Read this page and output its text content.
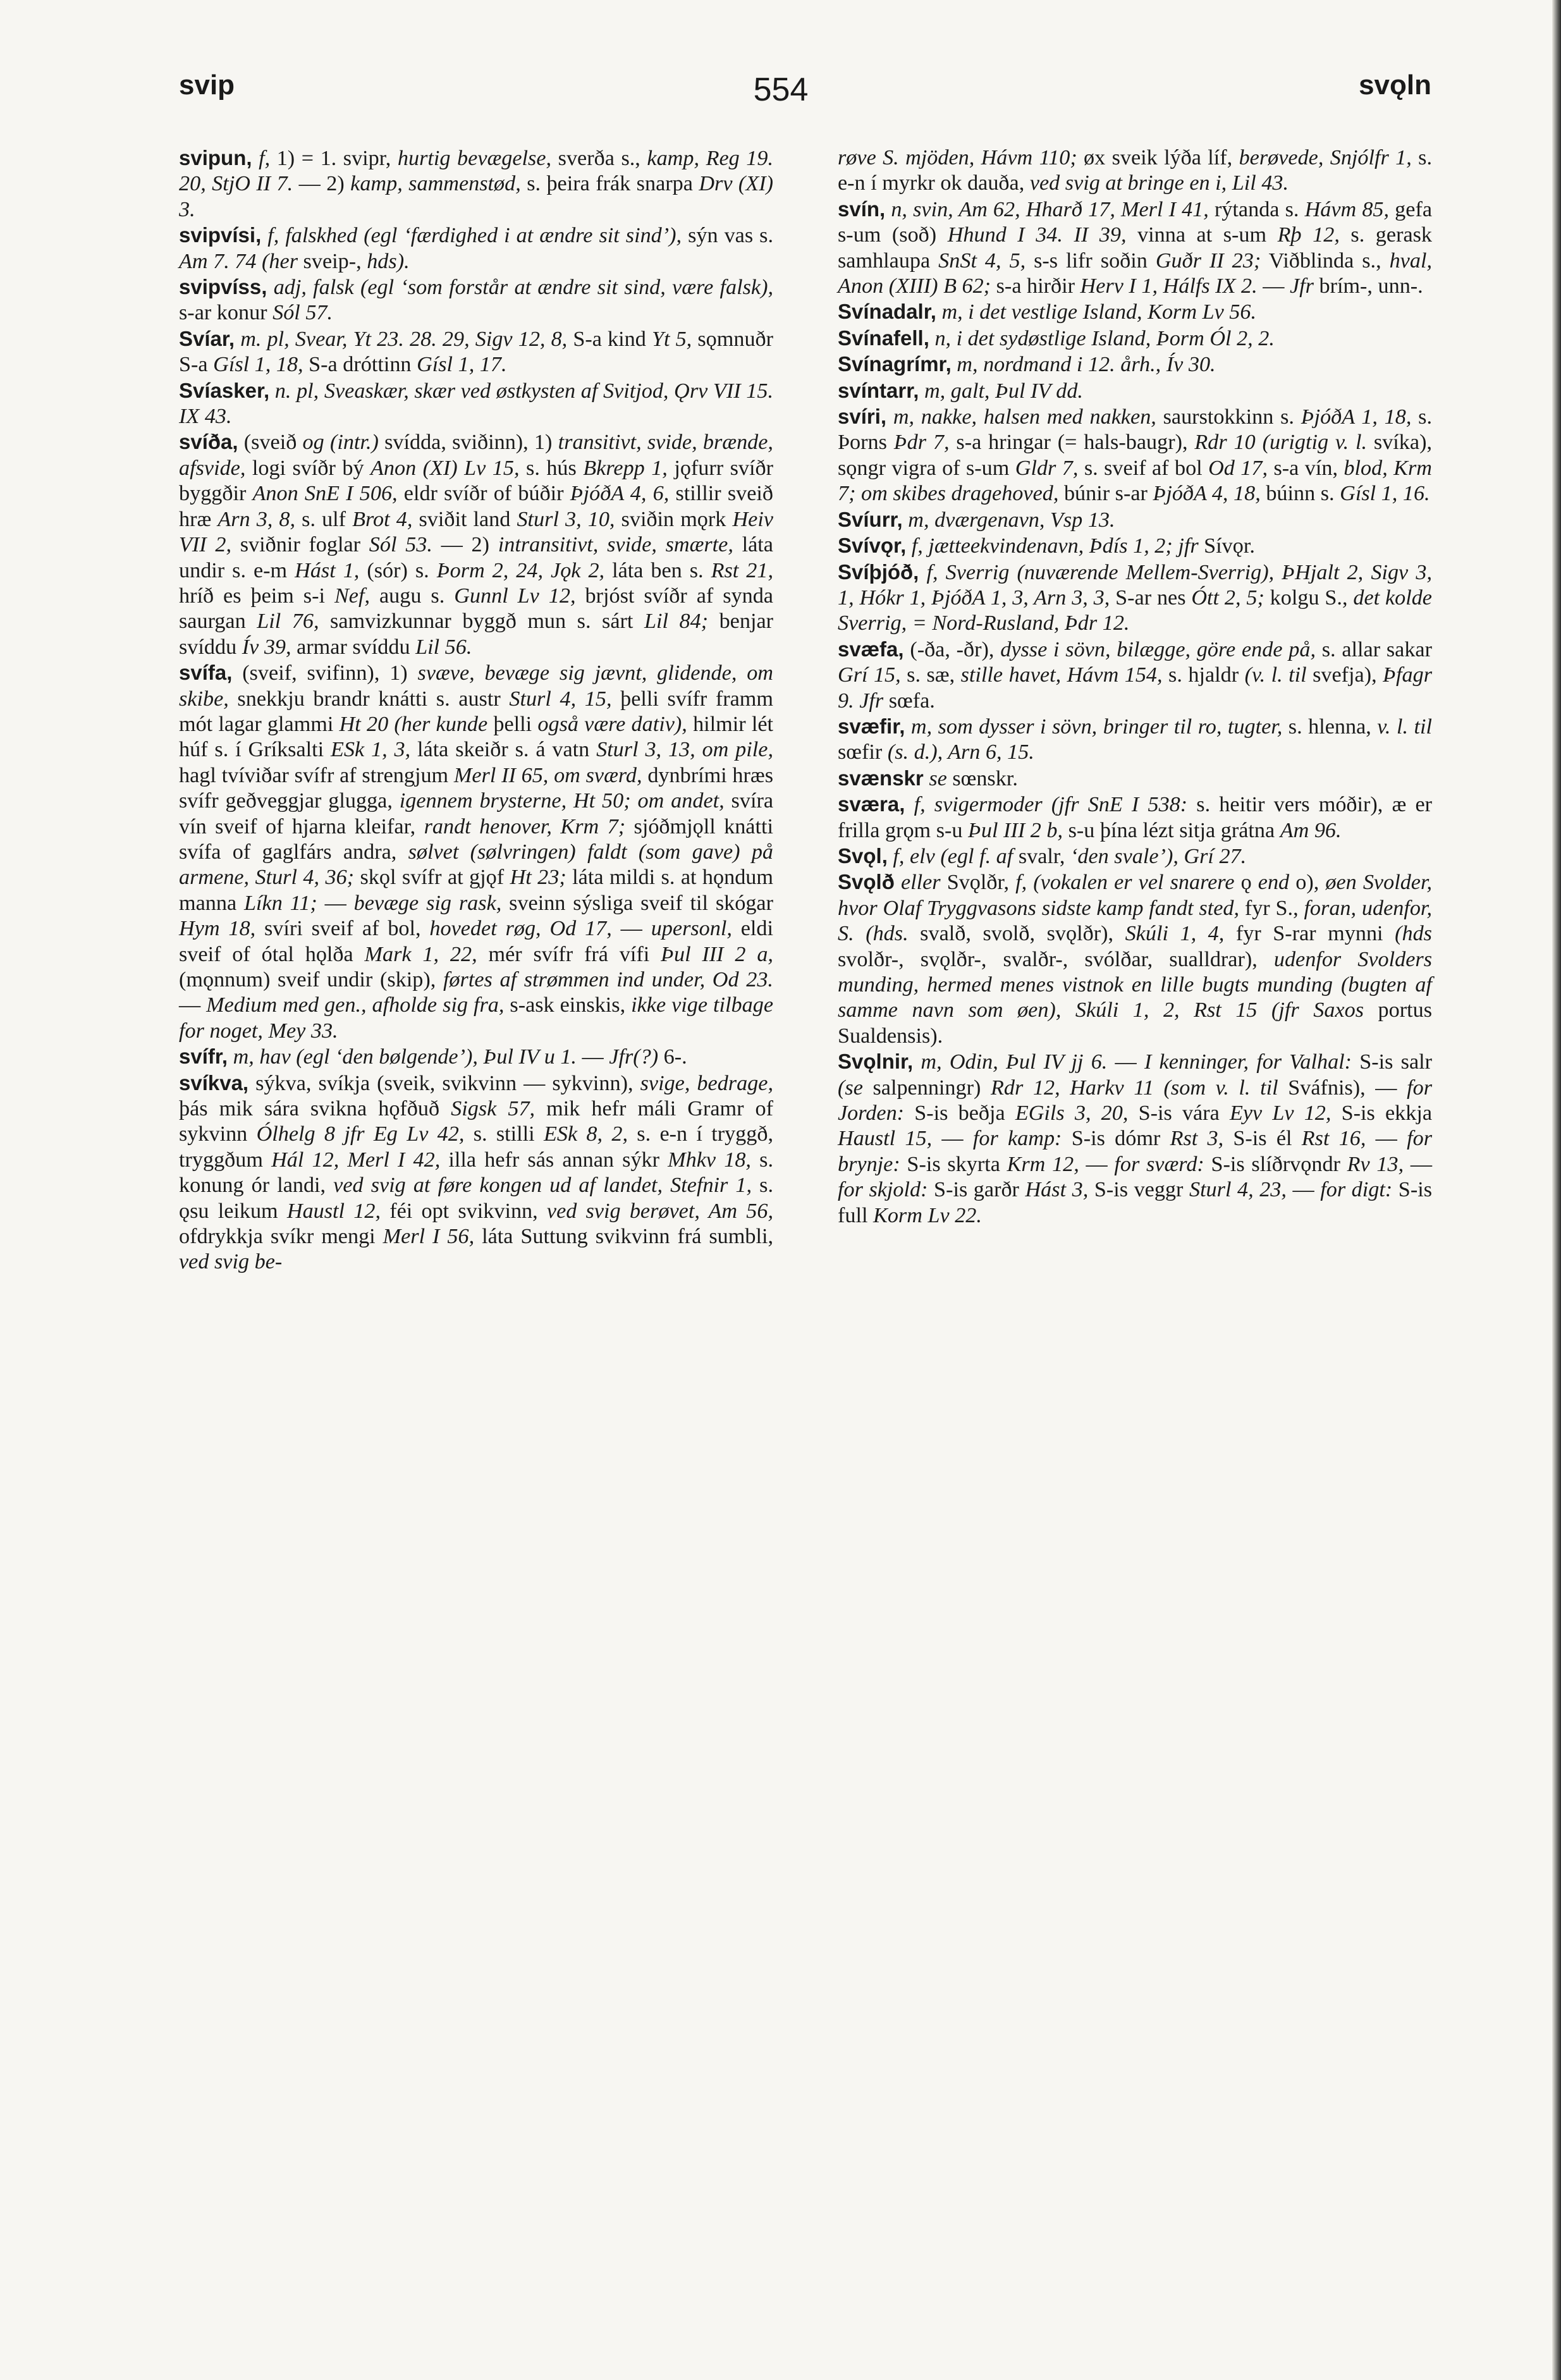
svip	554	svǫln

svipun, f, 1) = 1. svipr, hurtig bevægelse, sverða s., kamp, Reg 19. 20, StjO II 7. — 2) kamp, sammenstød, s. þeira frák snarpa Drv (XI) 3.

svipvísi, f, falskhed (egl ‘færdighed i at ændre sit sind’), sýn vas s. Am 7. 74 (her sveip-, hds).

svipvíss, adj, falsk (egl ‘som forstår at ændre sit sind, være falsk), s-ar konur Sól 57.

Svíar, m. pl, Svear, Yt 23. 28. 29, Sigv 12, 8, S-a kind Yt 5, sǫmnuðr S-a Gísl 1, 18, S-a dróttinn Gísl 1, 17.

Svíasker, n. pl, Sveaskær, skær ved østkysten af Svitjod, Ǫrv VII 15. IX 43.

svíða, (sveið og (intr.) svídda, sviðinn), 1) transitivt, svide, brænde, afsvide, logi svíðr bý Anon (XI) Lv 15, s. hús Bkrepp 1, jǫfurr svíðr byggðir Anon SnE I 506, eldr svíðr of búðir ÞjóðA 4, 6, stillir sveið hræ Arn 3, 8, s. ulf Brot 4, sviðit land Sturl 3, 10, sviðin mǫrk Heiv VII 2, sviðnir foglar Sól 53. — 2) intransitivt, svide, smærte, láta undir s. e-m Hást 1, (sór) s. Þorm 2, 24, Jǫk 2, láta ben s. Rst 21, hríð es þeim s-i Nef, augu s. Gunnl Lv 12, brjóst svíðr af synda saurgan Lil 76, samvizkunnar byggð mun s. sárt Lil 84; benjar svíddu Ív 39, armar svíddu Lil 56.

svífa, (sveif, svifinn), 1) svæve, bevæge sig jævnt, glidende, om skibe, snekkju brandr knátti s. austr Sturl 4, 15, þelli svífr framm mót lagar glammi Ht 20 (her kunde þelli også være dativ), hilmir lét húf s. í Gríksalti ESk 1, 3, láta skeiðr s. á vatn Sturl 3, 13, om pile, hagl tvíviðar svífr af strengjum Merl II 65, om sværd, dynbrími hræs svífr geðveggjar glugga, igennem brysterne, Ht 50; om andet, svíra vín sveif of hjarna kleifar, randt henover, Krm 7; sjóðmjǫll knátti svífa of gaglfárs andra, sølvet (sølvringen) faldt (som gave) på armene, Sturl 4, 36; skǫl svífr at gjǫf Ht 23; láta mildi s. at hǫndum manna Líkn 11; — bevæge sig rask, sveinn sýsliga sveif til skógar Hym 18, svíri sveif af bol, hovedet røg, Od 17, — upersonl, eldi sveif of ótal hǫlða Mark 1, 22, mér svífr frá vífi Þul III 2 a, (mǫnnum) sveif undir (skip), førtes af strømmen ind under, Od 23. — Medium med gen., afholde sig fra, s-ask einskis, ikke vige tilbage for noget, Mey 33.

svífr, m, hav (egl ‘den bølgende’), Þul IV u 1. — Jfr(?) 6-.

svíkva, sýkva, svíkja (sveik, svikvinn — sykvinn), svige, bedrage, þás mik sára svikna hǫfðuð Sigsk 57, mik hefr máli Gramr of sykvinn Ólhelg 8 jfr Eg Lv 42, s. stilli ESk 8, 2, s. e-n í tryggð, tryggðum Hál 12, Merl I 42, illa hefr sás annan sýkr Mhkv 18, s. konung ór landi, ved svig at føre kongen ud af landet, Stefnir 1, s. ǫsu leikum Haustl 12, féi opt svikvinn, ved svig berøvet, Am 56, ofdrykkja svíkr mengi Merl I 56, láta Suttung svikvinn frá sumbli, ved svig be-

røve S. mjöden, Hávm 110; øx sveik lýða líf, berøvede, Snjólfr 1, s. e-n í myrkr ok dauða, ved svig at bringe en i, Lil 43.

svín, n, svin, Am 62, Hharð 17, Merl I 41, rýtanda s. Hávm 85, gefa s-um (soð) Hhund I 34. II 39, vinna at s-um Rþ 12, s. gerask samhlaupa SnSt 4, 5, s-s lifr soðin Guðr II 23; Viðblinda s., hval, Anon (XIII) B 62; s-a hirðir Herv I 1, Hálfs IX 2. — Jfr brím-, unn-.

Svínadalr, m, i det vestlige Island, Korm Lv 56.

Svínafell, n, i det sydøstlige Island, Þorm Ól 2, 2.

Svínagrímr, m, nordmand i 12. årh., Ív 30.

svíntarr, m, galt, Þul IV dd.

svíri, m, nakke, halsen med nakken, saurstokkinn s. ÞjóðA 1, 18, s. Þorns Þdr 7, s-a hringar (= hals-baugr), Rdr 10 (urigtig v. l. svíka), sǫngr vigra of s-um Gldr 7, s. sveif af bol Od 17, s-a vín, blod, Krm 7; om skibes dragehoved, búnir s-ar ÞjóðA 4, 18, búinn s. Gísl 1, 16.

Svíurr, m, dværgenavn, Vsp 13.

Svívǫr, f, jætteekvindenavn, Þdís 1, 2; jfr Sívǫr.

Svíþjóð, f, Sverrig (nuværende Mellem-Sverrig), ÞHjalt 2, Sigv 3, 1, Hókr 1, ÞjóðA 1, 3, Arn 3, 3, S-ar nes Ótt 2, 5; kolgu S., det kolde Sverrig, = Nord-Rusland, Þdr 12.

svæfa, (-ða, -ðr), dysse i sövn, bilægge, göre ende på, s. allar sakar Grí 15, s. sæ, stille havet, Hávm 154, s. hjaldr (v. l. til svefja), Þfagr 9. Jfr sœfa.

svæfir, m, som dysser i sövn, bringer til ro, tugter, s. hlenna, v. l. til sœfir (s. d.), Arn 6, 15.

svænskr se sœnskr.

sværa, f, svigermoder (jfr SnE I 538: s. heitir vers móðir), æ er frilla grǫm s-u Þul III 2 b, s-u þína lézt sitja grátna Am 96.

Svǫl, f, elv (egl f. af svalr, ‘den svale’), Grí 27.

Svǫlð eller Svǫlðr, f, (vokalen er vel snarere ǫ end o), øen Svolder, hvor Olaf Tryggvasons sidste kamp fandt sted, fyr S., foran, udenfor, S. (hds. svalð, svolð, svǫlðr), Skúli 1, 4, fyr S-rar mynni (hds svolðr-, svǫlðr-, svalðr-, svólðar, sualldrar), udenfor Svolders munding, hermed menes vistnok en lille bugts munding (bugten af samme navn som øen), Skúli 1, 2, Rst 15 (jfr Saxos portus Sualdensis).

Svǫlnir, m, Odin, Þul IV jj 6. — I kenninger, for Valhal: S-is salr (se salpenningr) Rdr 12, Harkv 11 (som v. l. til Sváfnis), — for Jorden: S-is beðja EGils 3, 20, S-is vára Eyv Lv 12, S-is ekkja Haustl 15, — for kamp: S-is dómr Rst 3, S-is él Rst 16, — for brynje: S-is skyrta Krm 12, — for sværd: S-is slíðrvǫndr Rv 13, — for skjold: S-is garðr Hást 3, S-is veggr Sturl 4, 23, — for digt: S-is full Korm Lv 22.
